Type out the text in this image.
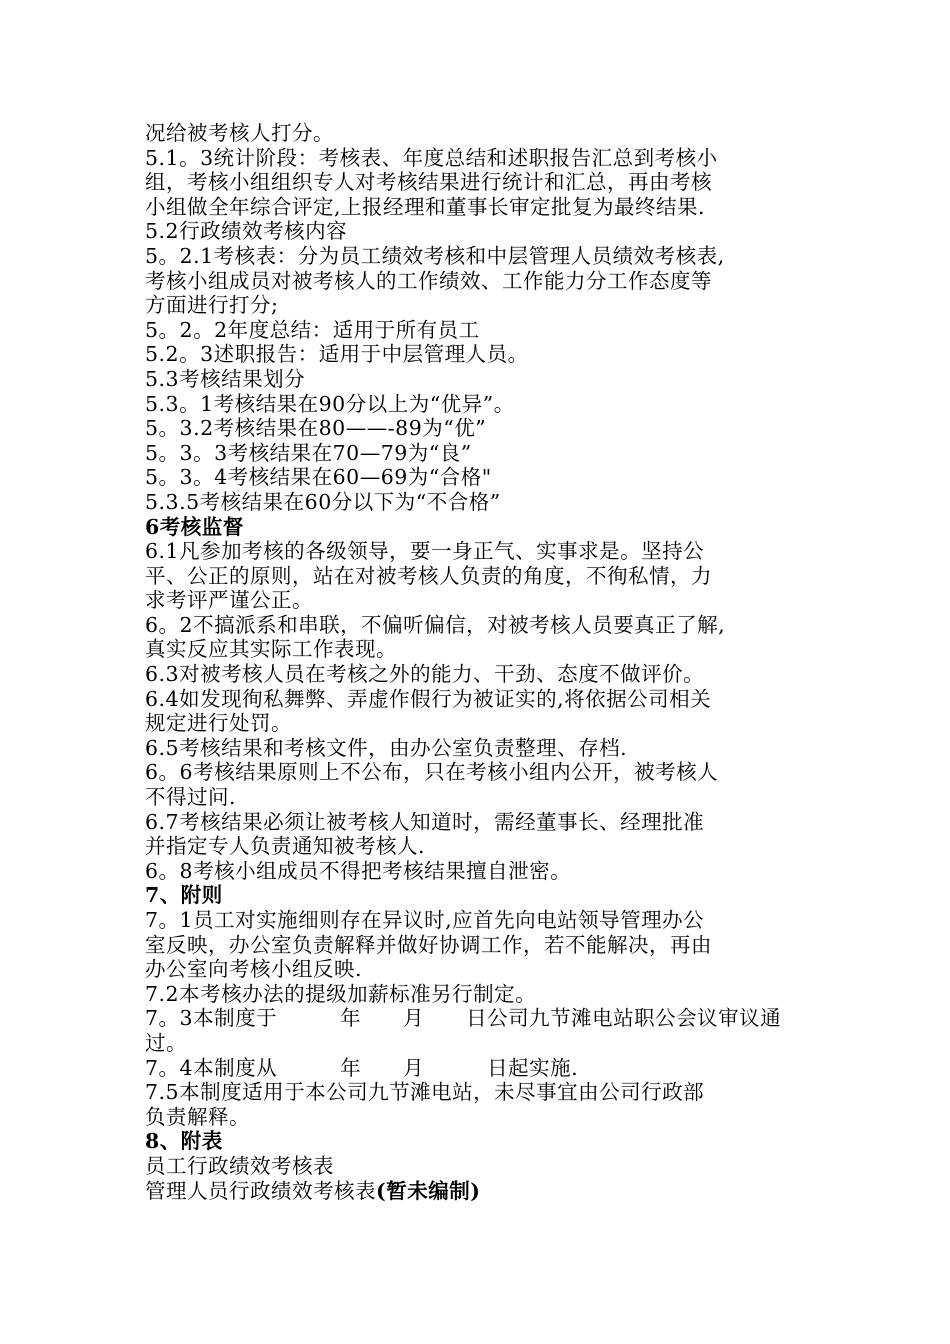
况给被考核人打分。
5.1。3统计阶段：考核表、年度总结和述职报告汇总到考核小
组，考核小组组织专人对考核结果进行统计和汇总，再由考核
小组做全年综合评定,上报经理和董事长审定批复为最终结果.
5.2行政绩效考核内容
5。2.1考核表：分为员工绩效考核和中层管理人员绩效考核表,
考核小组成员对被考核人的工作绩效、工作能力分工作态度等
方面进行打分;
5。2。2年度总结：适用于所有员工
5.2。3述职报告：适用于中层管理人员。
5.3考核结果划分
5.3。1考核结果在90分以上为“优异”。
5。3.2考核结果在80——-89为“优”
5。3。3考核结果在70—79为“良”
5。3。4考核结果在60—69为“合格"
5.3.5考核结果在60分以下为“不合格”
6考核监督
6.1凡参加考核的各级领导，要一身正气、实事求是。坚持公
平、公正的原则，站在对被考核人负责的角度，不徇私情，力
求考评严谨公正。
6。2不搞派系和串联，不偏听偏信，对被考核人员要真正了解,
真实反应其实际工作表现。
6.3对被考核人员在考核之外的能力、干劲、态度不做评价。
6.4如发现徇私舞弊、弄虚作假行为被证实的,将依据公司相关
规定进行处罚。
6.5考核结果和考核文件，由办公室负责整理、存档.
6。6考核结果原则上不公布，只在考核小组内公开，被考核人
不得过问.
6.7考核结果必须让被考核人知道时，需经董事长、经理批准
并指定专人负责通知被考核人.
6。8考核小组成员不得把考核结果擅自泄密。
7、附则
7。1员工对实施细则存在异议时,应首先向电站领导管理办公
室反映，办公室负责解释并做好协调工作，若不能解决，再由
办公室向考核小组反映.
7.2本考核办法的提级加薪标准另行制定。
7。3本制度于　　　年　　月　　日公司九节滩电站职公会议审议通
过。
7。4本制度从　　　年　　月　　　日起实施.
7.5本制度适用于本公司九节滩电站，未尽事宜由公司行政部
负责解释。
8、附表
员工行政绩效考核表
管理人员行政绩效考核表(暂未编制)
